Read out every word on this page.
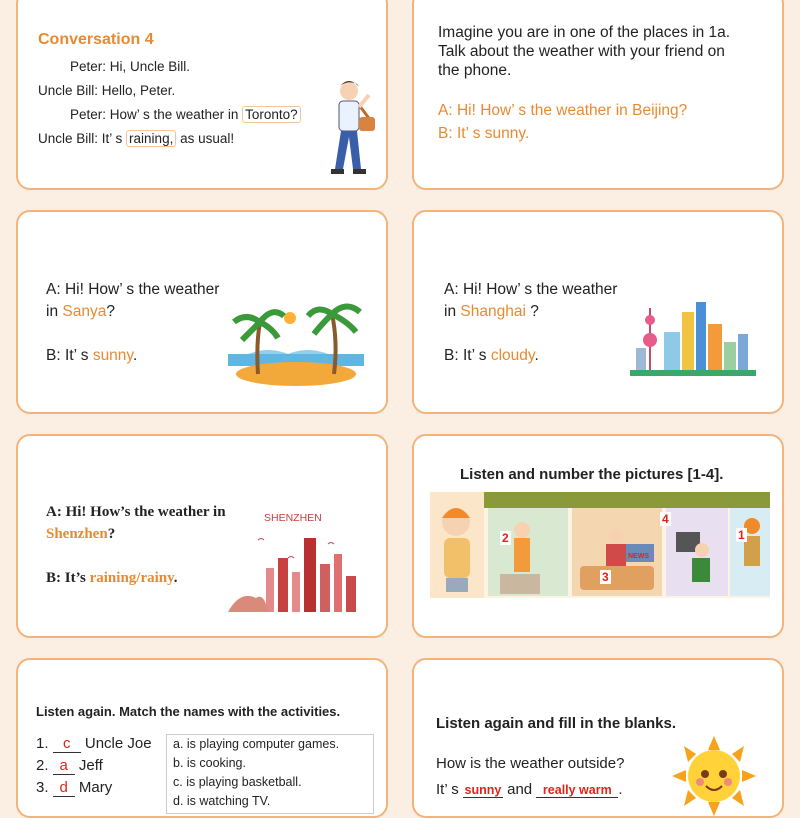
Conversation 4
Peter: Hi, Uncle Bill.
Uncle Bill: Hello, Peter.
Peter: How’ s the weather in Toronto?
Uncle Bill: It’ s raining, as usual!
Imagine you are in one of the places in 1a.
Talk about the weather with your friend on
the phone.
A: Hi! How’ s the weather in Beijing?
B: It’ s sunny.
A: Hi! How’ s the weather
in Sanya?
B: It’ s sunny.
A: Hi! How’ s the weather
in Shanghai ?
B: It’ s cloudy.
A: Hi! How’s the weather in
Shenzhen?
B: It’s raining/rainy.
SHENZHEN
Listen and number the pictures [1-4].
1
2
3
4
NEWS
Listen again. Match the names with the activities.
1. c Uncle Joe
2. a Jeff
3. d Mary
a. is playing computer games.
b. is cooking.
c. is playing basketball.
d. is watching TV.
Listen again and fill in the blanks.
How is the weather outside?
It’ s sunny and really warm .
